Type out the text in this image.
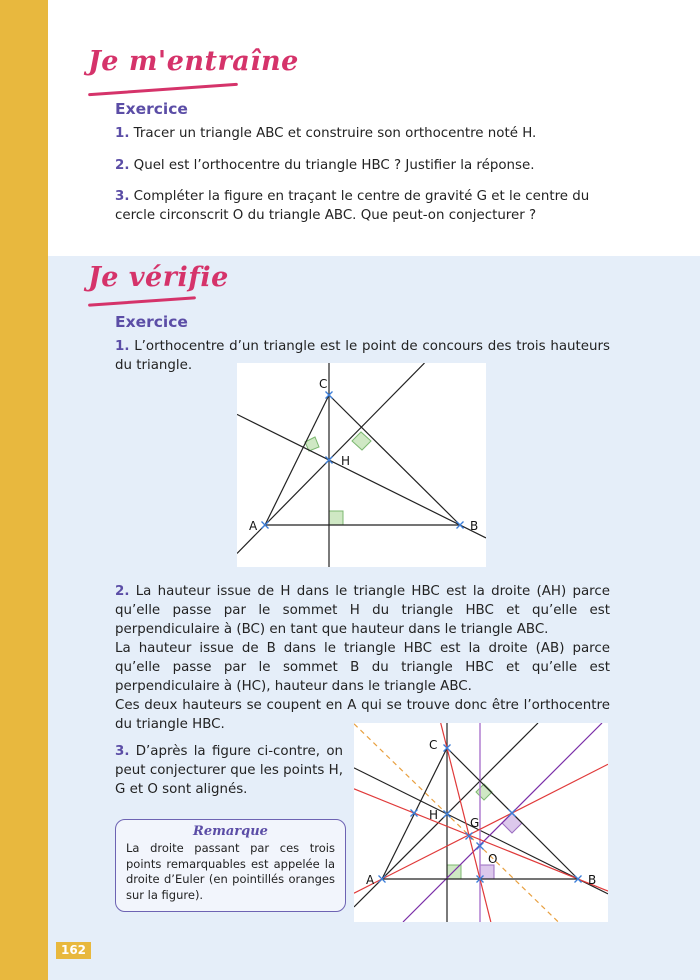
Je m'entraîne
Exercice
1. Tracer un triangle ABC et construire son orthocentre noté H.
2. Quel est l’orthocentre du triangle HBC ? Justifier la réponse.
3. Compléter la figure en traçant le centre de gravité G et le centre du cercle circonscrit O du triangle ABC. Que peut-on conjecturer ?
Je vérifie
Exercice
1. L’orthocentre d’un triangle est le point de concours des trois hauteurs du triangle.
C
A	B
H
2. La hauteur issue de H dans le triangle HBC est la droite (AH) parce qu’elle passe par le sommet H du triangle HBC et qu’elle est perpendiculaire à (BC) en tant que hauteur dans le triangle ABC.
La hauteur issue de B dans le triangle HBC est la droite (AB) parce qu’elle passe par le sommet B du triangle HBC et qu’elle est perpendiculaire à (HC), hauteur dans le triangle ABC.
Ces deux hauteurs se coupent en A qui se trouve donc être l’orthocentre du triangle HBC.
3. D’après la figure ci-contre, on peut conjecturer que les points H, G et O sont alignés.
Remarque
La droite passant par ces trois points remarquables est appelée la droite d’Euler (en pointillés oranges sur la figure).
C
A	B
H
G
O
162
